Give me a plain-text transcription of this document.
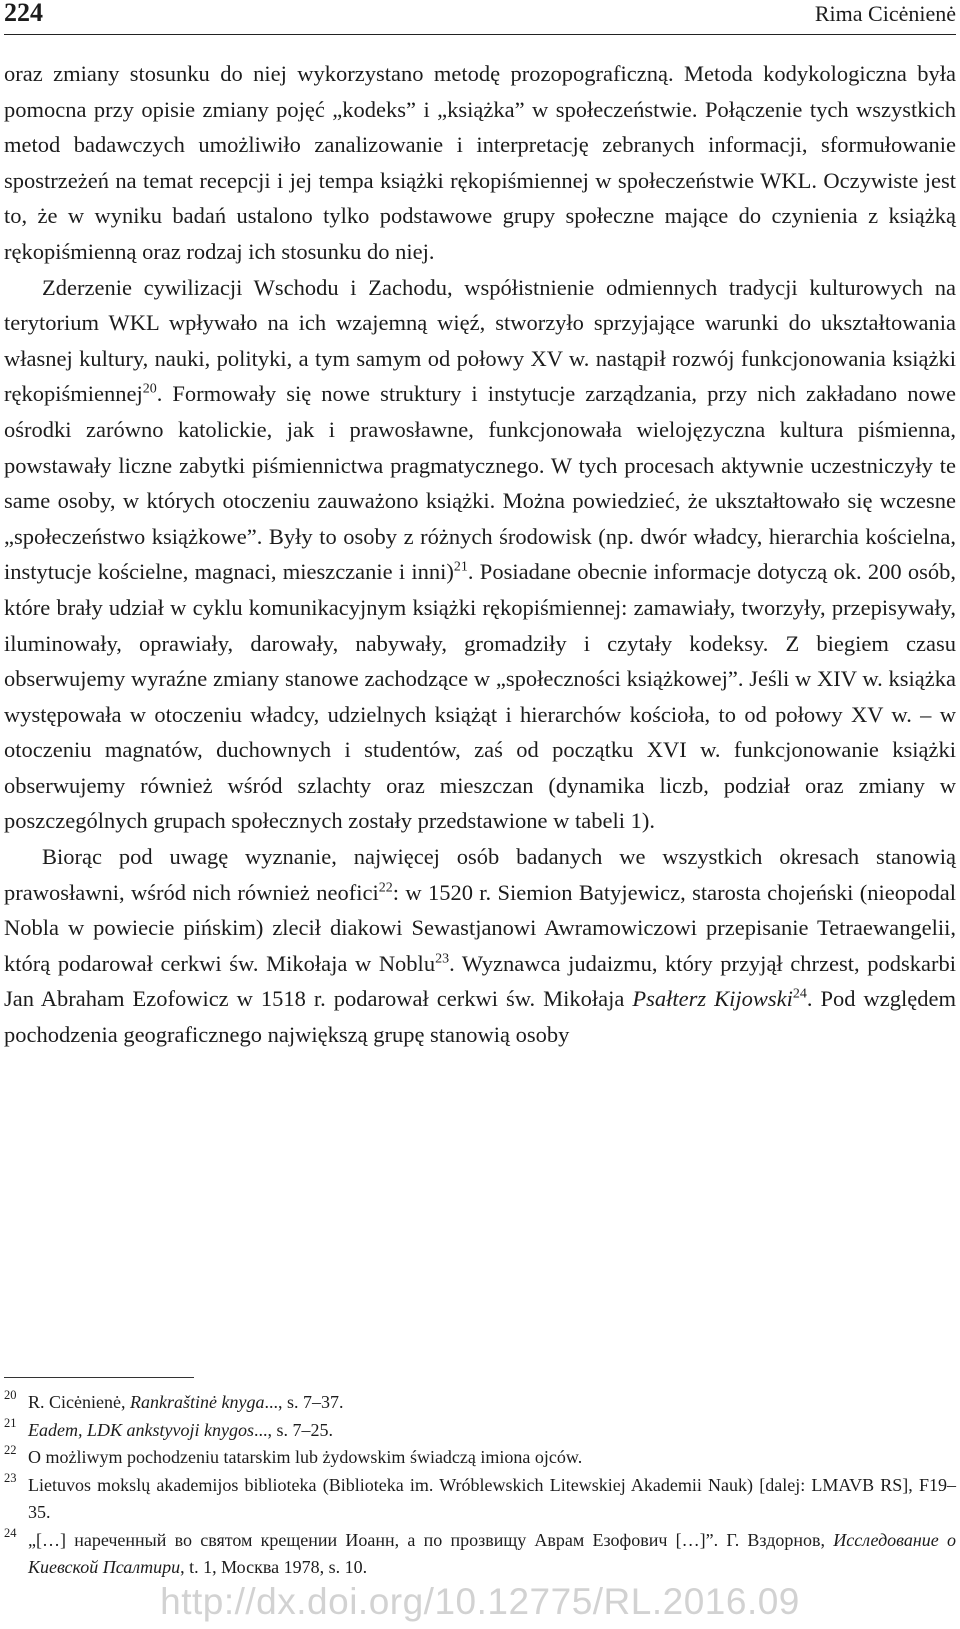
224	Rima Cicėnienė

oraz zmiany stosunku do niej wykorzystano metodę prozopograficzną. Metoda kodykologiczna była pomocna przy opisie zmiany pojęć „kodeks” i „książka” w społeczeństwie. Połączenie tych wszystkich metod badawczych umożliwiło zanalizowanie i interpretację zebranych informacji, sformułowanie spostrzeżeń na temat recepcji i jej tempa książki rękopiśmiennej w społeczeństwie WKL. Oczywiste jest to, że w wyniku badań ustalono tylko podstawowe grupy społeczne mające do czynienia z książką rękopiśmienną oraz rodzaj ich stosunku do niej.

Zderzenie cywilizacji Wschodu i Zachodu, współistnienie odmiennych tradycji kulturowych na terytorium WKL wpływało na ich wzajemną więź, stworzyło sprzyjające warunki do ukształtowania własnej kultury, nauki, polityki, a tym samym od połowy XV w. nastąpił rozwój funkcjonowania książki rękopiśmiennej$^{20}$. Formowały się nowe struktury i instytucje zarządzania, przy nich zakładano nowe ośrodki zarówno katolickie, jak i prawosławne, funkcjonowała wielojęzyczna kultura piśmienna, powstawały liczne zabytki piśmiennictwa pragmatycznego. W tych procesach aktywnie uczestniczyły te same osoby, w których otoczeniu zauważono książki. Można powiedzieć, że ukształtowało się wczesne „społeczeństwo książkowe”. Były to osoby z różnych środowisk (np. dwór władcy, hierarchia kościelna, instytucje kościelne, magnaci, mieszczanie i inni)$^{21}$. Posiadane obecnie informacje dotyczą ok. 200 osób, które brały udział w cyklu komunikacyjnym książki rękopiśmiennej: zamawiały, tworzyły, przepisywały, iluminowały, oprawiały, darowały, nabywały, gromadziły i czytały kodeksy. Z biegiem czasu obserwujemy wyraźne zmiany stanowe zachodzące w „społeczności książkowej”. Jeśli w XIV w. książka występowała w otoczeniu władcy, udzielnych książąt i hierarchów kościoła, to od połowy XV w. – w otoczeniu magnatów, duchownych i studentów, zaś od początku XVI w. funkcjonowanie książki obserwujemy również wśród szlachty oraz mieszczan (dynamika liczb, podział oraz zmiany w poszczególnych grupach społecznych zostały przedstawione w tabeli 1).

Biorąc pod uwagę wyznanie, najwięcej osób badanych we wszystkich okresach stanowią prawosławni, wśród nich również neofici$^{22}$: w 1520 r. Siemion Batyjewicz, starosta chojeński (nieopodal Nobla w powiecie pińskim) zlecił diakowi Sewastjanowi Awramowiczowi przepisanie Tetraewangelii, którą podarował cerkwi św. Mikołaja w Noblu$^{23}$. Wyznawca judaizmu, który przyjął chrzest, podskarbi Jan Abraham Ezofowicz w 1518 r. podarował cerkwi św. Mikołaja Psałterz Kijowski$^{24}$. Pod względem pochodzenia geograficznego największą grupę stanowią osoby

20 R. Cicėnienė, Rankraštinė knyga..., s. 7–37.
21 Eadem, LDK ankstyvoji knygos..., s. 7–25.
22 O możliwym pochodzeniu tatarskim lub żydowskim świadczą imiona ojców.
23 Lietuvos mokslų akademijos biblioteka (Biblioteka im. Wróblewskich Litewskiej Akademii Nauk) [dalej: LMAVB RS], F19–35.
24 „[…] нареченный во святом крещении Иоанн, а по прозвищу Аврам Езофович […]”. Г. Вздорнов, Исследование о Киевской Псалтири, t. 1, Москва 1978, s. 10.
http://dx.doi.org/10.12775/RL.2016.09
